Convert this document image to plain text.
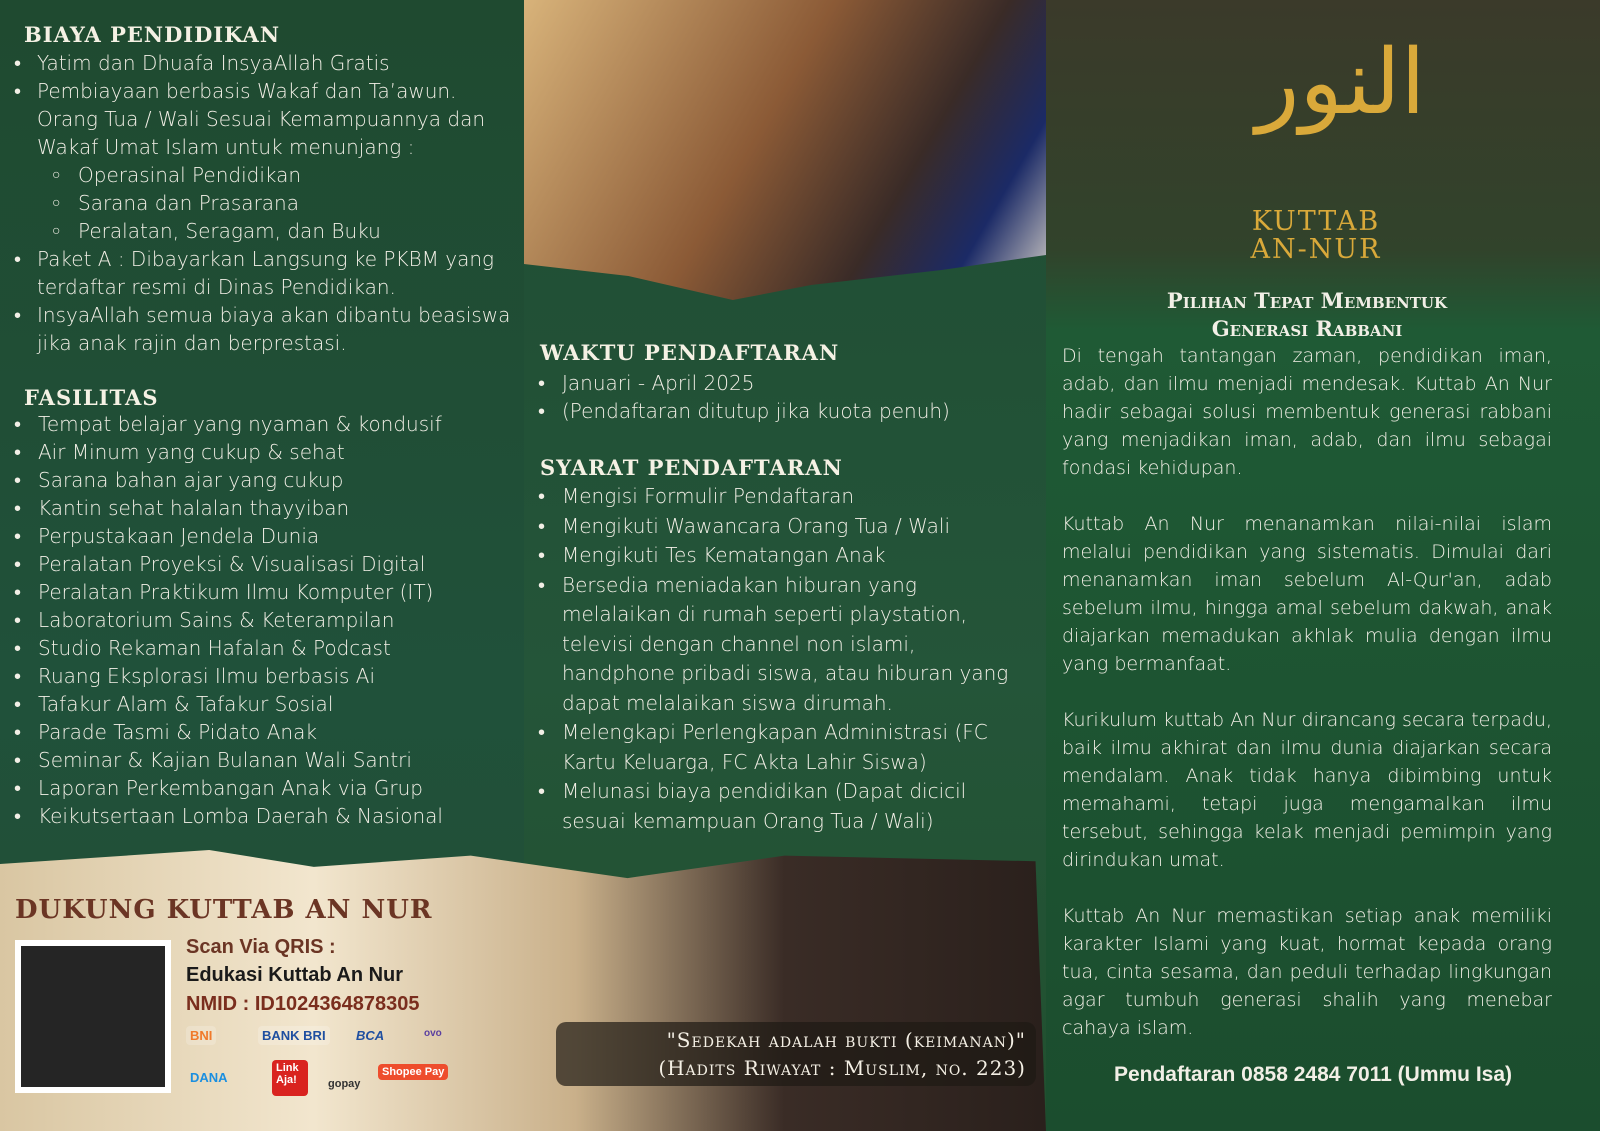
BIAYA PENDIDIKAN
• Yatim dan Dhuafa InsyaAllah Gratis
• Pembiayaan berbasis Wakaf dan Ta’awun. Orang Tua / Wali Sesuai Kemampuannya dan Wakaf Umat Islam untuk menunjang :
○ Operasinal Pendidikan
○ Sarana dan Prasarana
○ Peralatan, Seragam, dan Buku
• Paket A : Dibayarkan Langsung ke PKBM yang terdaftar resmi di Dinas Pendidikan.
• InsyaAllah semua biaya akan dibantu beasiswa jika anak rajin dan berprestasi.
FASILITAS
• Tempat belajar yang nyaman & kondusif
• Air Minum yang cukup & sehat
• Sarana bahan ajar yang cukup
• Kantin sehat halalan thayyiban
• Perpustakaan Jendela Dunia
• Peralatan Proyeksi & Visualisasi Digital
• Peralatan Praktikum Ilmu Komputer (IT)
• Laboratorium Sains & Keterampilan
• Studio Rekaman Hafalan & Podcast
• Ruang Eksplorasi Ilmu berbasis Ai
• Tafakur Alam & Tafakur Sosial
• Parade Tasmi & Pidato Anak
• Seminar & Kajian Bulanan Wali Santri
• Laporan Perkembangan Anak via Grup
• Keikutsertaan Lomba Daerah & Nasional
WAKTU PENDAFTARAN
• Januari - April 2025
• (Pendaftaran ditutup jika kuota penuh)
SYARAT PENDAFTARAN
• Mengisi Formulir Pendaftaran
• Mengikuti Wawancara Orang Tua / Wali
• Mengikuti Tes Kematangan Anak
• Bersedia meniadakan hiburan yang melalaikan di rumah seperti playstation, televisi dengan channel non islami, handphone pribadi siswa, atau hiburan yang dapat melalaikan siswa dirumah.
• Melengkapi Perlengkapan Administrasi (FC Kartu Keluarga, FC Akta Lahir Siswa)
• Melunasi biaya pendidikan (Dapat dicicil sesuai kemampuan Orang Tua / Wali)
DUKUNG KUTTAB AN NUR
Scan Via QRIS :
Edukasi Kuttab An Nur
NMID : ID1024364878305
BNI	BANK BRI	BCA	ovo
DANA
Link Aja!	gopay
Shopee Pay
"Sedekah adalah bukti (keimanan)"
(Hadits Riwayat : Muslim, no. 223)
النور
KUTTAB
AN-NUR
Pilihan Tepat Membentuk
Generasi Rabbani

Di tengah tantangan zaman, pendidikan iman, adab, dan ilmu menjadi mendesak. Kuttab An Nur hadir sebagai solusi membentuk generasi rabbani yang menjadikan iman, adab, dan ilmu sebagai fondasi kehidupan.

Kuttab An Nur menanamkan nilai-nilai islam melalui pendidikan yang sistematis. Dimulai dari menanamkan iman sebelum Al-Qur'an, adab sebelum ilmu, hingga amal sebelum dakwah, anak diajarkan memadukan akhlak mulia dengan ilmu yang bermanfaat.

Kurikulum kuttab An Nur dirancang secara terpadu, baik ilmu akhirat dan ilmu dunia diajarkan secara mendalam. Anak tidak hanya dibimbing untuk memahami, tetapi juga mengamalkan ilmu tersebut, sehingga kelak menjadi pemimpin yang dirindukan umat.

Kuttab An Nur memastikan setiap anak memiliki karakter Islami yang kuat, hormat kepada orang tua, cinta sesama, dan peduli terhadap lingkungan agar tumbuh generasi shalih yang menebar cahaya islam.

Pendaftaran 0858 2484 7011 (Ummu Isa)
